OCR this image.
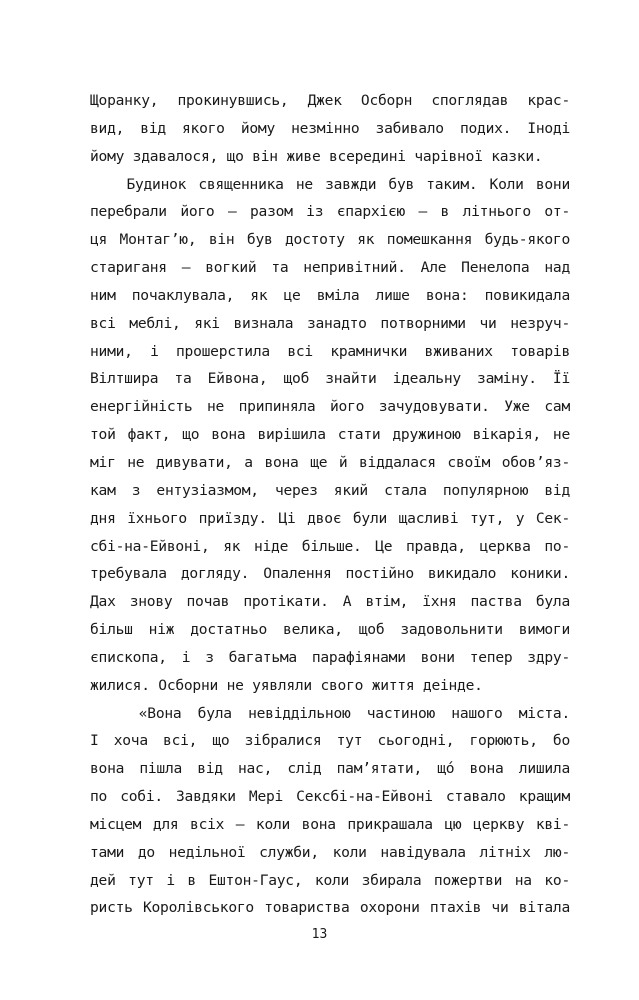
Щоранку, прокинувшись, Джек Осборн споглядав крас-
вид, від якого йому незмінно забивало подих. Іноді
йому здавалося, що він живе всередині чарівної казки.
Будинок священника не завжди був таким. Коли вони
перебрали його — разом із єпархією — в літнього от-
ця Монтаг’ю, він був достоту як помешкання будь-якого
стариганя — вогкий та непривітний. Але Пенелопа над
ним почаклувала, як це вміла лише вона: повикидала
всі меблі, які визнала занадто потворними чи незруч-
ними, і прошерстила всі крамнички вживаних товарів
Вілтшира та Ейвона, щоб знайти ідеальну заміну. Її
енергійність не припиняла його зачудовувати. Уже сам
той факт, що вона вирішила стати дружиною вікарія, не
міг не дивувати, а вона ще й віддалася своїм обов’яз-
кам з ентузіазмом, через який стала популярною від
дня їхнього приїзду. Ці двоє були щасливі тут, у Сек-
сбі-на-Ейвоні, як ніде більше. Це правда, церква по-
требувала догляду. Опалення постійно викидало коники.
Дах знову почав протікати. А втім, їхня паства була
більш ніж достатньо велика, щоб задовольнити вимоги
єпископа, і з багатьма парафіянами вони тепер здру-
жилися. Осборни не уявляли свого життя деінде.
«Вона була невіддільною частиною нашого міста.
І хоча всі, що зібралися тут сьогодні, горюють, бо
вона пішла від нас, слід пам’ятати, щó вона лишила
по собі. Завдяки Мері Сексбі-на-Ейвоні ставало кращим
місцем для всіх — коли вона прикрашала цю церкву кві-
тами до недільної служби, коли навідувала літніх лю-
дей тут і в Ештон-Гаус, коли збирала пожертви на ко-
ристь Королівського товариства охорони птахів чи вітала
13
